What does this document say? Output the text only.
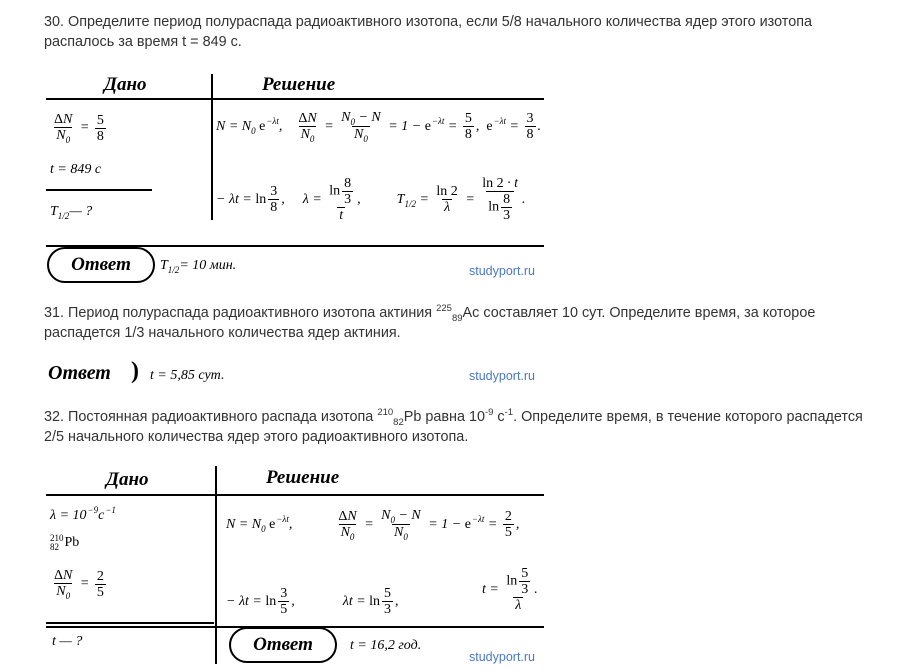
30. Определите период полураспада радиоактивного изотопа, если 5/8 начального количества ядер этого изотопа распалось за время t = 849 с.
Дано	Решение
$\frac{\Delta N}{N_0} = \frac{5}{8}$
t = 849 c
T 1/2 — ?
$N = N_0$ $e^{-\lambda t}$, $\frac{\Delta N}{N_0} = \frac{N_0 - N}{N_0} = 1 - e^{-\lambda t} = \frac{5}{8}$ ,  $e^{-\lambda t} = \frac{3}{8}$ .
− $\lambda t = \ln \frac{3}{8}$ , $\lambda = \frac{\ln \frac{8}{3}}{t}$ ,	$T_{1/2} = \frac{\ln 2}{\lambda} = \frac{\ln 2 \cdot t}{\ln \frac{8}{3}}$ .
Ответ	T 1/2 = 10 мин.	studyport.ru
31. Период полураспада радиоактивного изотопа актиния $^{225}_{89}$Ac составляет 10 сут. Определите время, за которое распадется 1/3 начального количества ядер актиния.
Ответ ) t = 5,85 сут.	studyport.ru
32. Постоянная радиоактивного распада изотопа $^{210}_{82}$Pb равна $10^{-9}$ $с^{-1}$. Определите время, в течение которого распадется 2/5 начального количества ядер этого радиоактивного изотопа.
Дано	Решение
λ = 10 −9 c −1
210
82 Pb
$\frac{\Delta N}{N_0} = \frac{2}{5}$
t — ?
$N = N_0$ $e^{-\lambda t}$,	$\frac{\Delta N}{N_0} = \frac{N_0 - N}{N_0} = 1 - e^{-\lambda t} = \frac{2}{5}$ ,
− $\lambda t = \ln \frac{3}{5}$ ,	$\lambda t = \ln \frac{5}{3}$ ,
$t = \frac{\ln \frac{5}{3}}{\lambda}$ .
Ответ	t = 16,2 год.
studyport.ru
